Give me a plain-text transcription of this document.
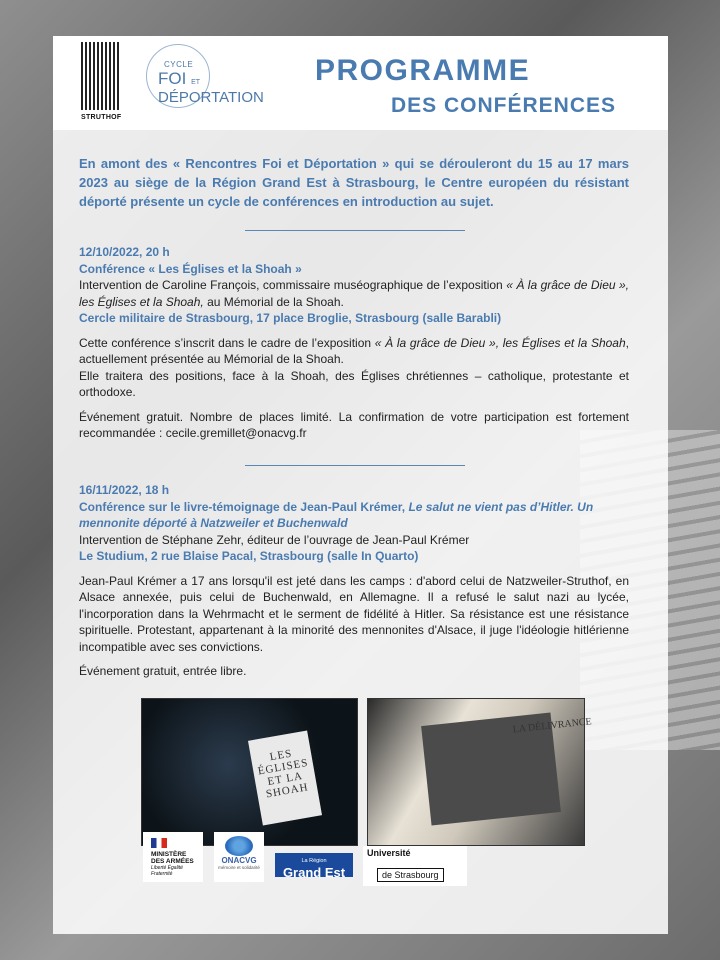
STRUTHOF
CYCLE
FOI ET
DÉPORTATION
PROGRAMME
DES CONFÉRENCES
En amont des « Rencontres Foi et Déportation » qui se dérouleront du 15 au 17 mars 2023 au siège de la Région Grand Est à Strasbourg, le Centre européen du résistant déporté présente un cycle de conférences en introduction au sujet.

12/10/2022, 20 h

Conférence « Les Églises et la Shoah »

Intervention de Caroline François, commissaire muséographique de l’exposition « À la grâce de Dieu », les Églises et la Shoah, au Mémorial de la Shoah.

Cercle militaire de Strasbourg, 17 place Broglie, Strasbourg (salle Barabli)

Cette conférence s’inscrit dans le cadre de l’exposition « À la grâce de Dieu », les Églises et la Shoah, actuellement présentée au Mémorial de la Shoah.

Elle traitera des positions, face à la Shoah, des Églises chrétiennes – catholique, protestante et orthodoxe.

Événement gratuit. Nombre de places limité. La confirmation de votre participation est fortement recommandée : cecile.gremillet@onacvg.fr

16/11/2022, 18 h

Conférence sur le livre-témoignage de Jean-Paul Krémer, Le salut ne vient pas d’Hitler. Un mennonite déporté à Natzweiler et Buchenwald

Intervention de Stéphane Zehr, éditeur de l’ouvrage de Jean-Paul Krémer

Le Studium, 2 rue Blaise Pacal, Strasbourg (salle In Quarto)

Jean-Paul Krémer a 17 ans lorsqu'il est jeté dans les camps : d'abord celui de Natzweiler-Struthof, en Alsace annexée, puis celui de Buchenwald, en Allemagne. Il a refusé le salut nazi au lycée, l'incorporation dans la Wehrmacht et le serment de fidélité à Hitler. Sa résistance est une résistance spirituelle. Protestant, appartenant à la minorité des mennonites d'Alsace, il juge l'idéologie hitlérienne incompatible avec ses convictions.

Événement gratuit, entrée libre.

LES ÉGLISES ET LA SHOAH
LA DÉLIVRANCE
MINISTÈRE
DES ARMÉES
Liberté Égalité Fraternité
ONACVG
mémoire et solidarité
La Région
Grand Est
Université
de Strasbourg
